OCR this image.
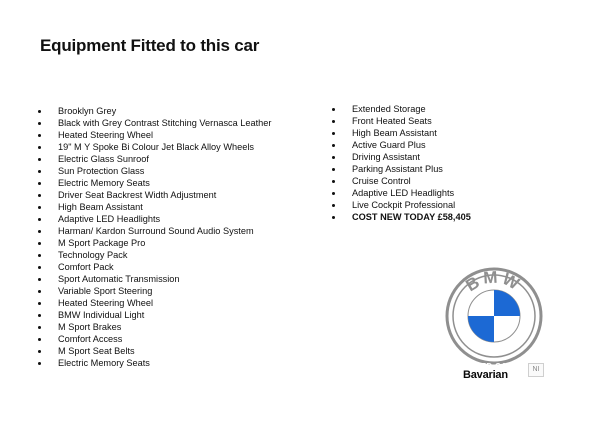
Equipment Fitted to this car
Brooklyn Grey
Black with Grey Contrast Stitching Vernasca Leather
Heated Steering Wheel
19" M Y Spoke Bi Colour Jet Black Alloy Wheels
Electric Glass Sunroof
Sun Protection Glass
Electric Memory Seats
Driver Seat Backrest Width Adjustment
High Beam Assistant
Adaptive LED Headlights
Harman/ Kardon Surround Sound Audio System
M Sport Package Pro
Technology Pack
Comfort Pack
Sport Automatic Transmission
Variable Sport Steering
Heated Steering Wheel
BMW Individual Light
M Sport Brakes
Comfort Access
M Sport Seat Belts
Electric Memory Seats
Extended Storage
Front Heated Seats
High Beam Assistant
Active Guard Plus
Driving Assistant
Parking Assistant Plus
Cruise Control
Adaptive LED Headlights
Live Cockpit Professional
COST NEW TODAY £58,405
BMW
USED CARS
Bavarian	NI
